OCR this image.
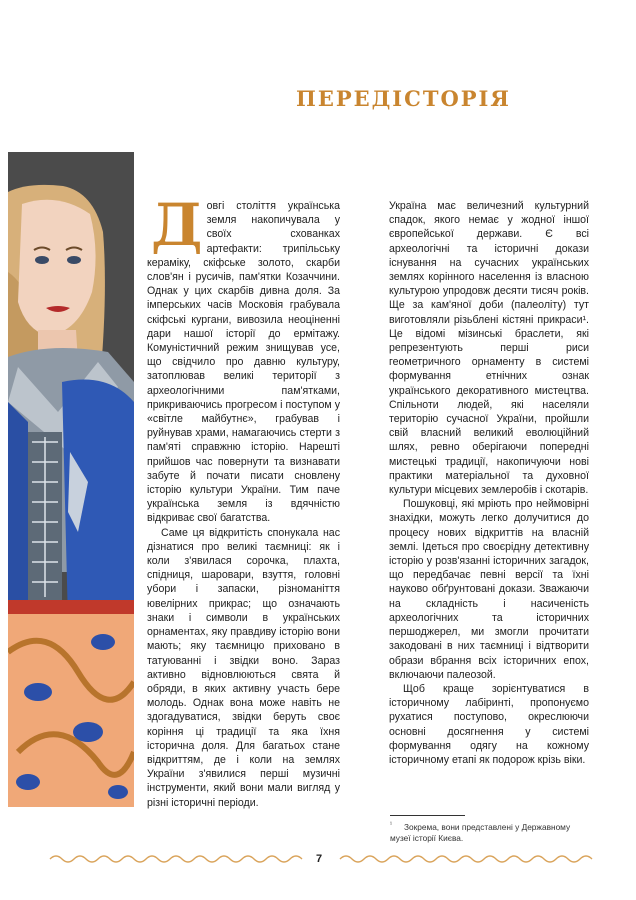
ПЕРЕДІСТОРІЯ

Довгі століття українська земля накопичувала у своїх схованках артефакти: трипільську кераміку, скіфське золото, скарби слов'ян і русичів, пам'ятки Козаччини. Однак у цих скарбів дивна доля. За імперських часів Московія грабувала скіфські кургани, вивозила неоціненні дари нашої історії до ермітажу. Комуністичний режим знищував усе, що свідчило про давню культуру, затоплював великі території з археологічними пам'ятками, прикриваючись прогресом і поступом у «світле майбутнє», грабував і руйнував храми, намагаючись стерти з пам'яті справжню історію. Нарешті прийшов час повернути та визнавати забуте й почати писати сновлену історію культури України. Тим паче українська земля із вдячністю відкриває свої багатства.

Саме ця відкритість спонукала нас дізнатися про великі таємниці: як і коли з'явилася сорочка, плахта, спідниця, шаровари, взуття, головні убори і запаски, різноманіття ювелірних прикрас; що означають знаки і символи в українських орнаментах, яку правдиву історію вони мають; яку таємницю приховано в татуюванні і звідки воно. Зараз активно відновлюються свята й обряди, в яких активну участь бере молодь. Однак вона може навіть не здогадуватися, звідки беруть своє коріння ці традиції та яка їхня історична доля. Для багатьох стане відкриттям, де і коли на землях України з'явилися перші музичні інструменти, який вони мали вигляд у різні історичні періоди.

Україна має величезний культурний спадок, якого немає у жодної іншої європейської держави. Є всі археологічні та історичні докази існування на сучасних українських землях корінного населення із власною культурою упродовж десяти тисяч років. Ще за кам'яної доби (палеоліту) тут виготовляли різьблені кістяні прикраси¹. Це відомі мізинські браслети, які репрезентують перші риси геометричного орнаменту в системі формування етнічних ознак українського декоративного мистецтва. Спільноти людей, які населяли територію сучасної України, пройшли свій власний великий еволюційний шлях, ревно оберігаючи попередні мистецькі традиції, накопичуючи нові практики матеріальної та духовної культури місцевих землеробів і скотарів.

Пошуковці, які мріють про неймовірні знахідки, можуть легко долучитися до процесу нових відкриттів на власній землі. Ідеться про своєрідну детективну історію у розв'язанні історичних загадок, що передбачає певні версії та їхні науково обґрунтовані докази. Зважаючи на складність і насиченість археологічних та історичних першоджерел, ми змогли прочитати закодовані в них таємниці і відтворити образи вбрання всіх історичних епох, включаючи палеозой.

Щоб краще зорієнтуватися в історичному лабіринті, пропонуємо рухатися поступово, окреслюючи основні досягнення у системі формування одягу на кожному історичному етапі як подорож крізь віки.

$^{^1}$ Зокрема, вони представлені у Державному музеї історії Києва.
7
